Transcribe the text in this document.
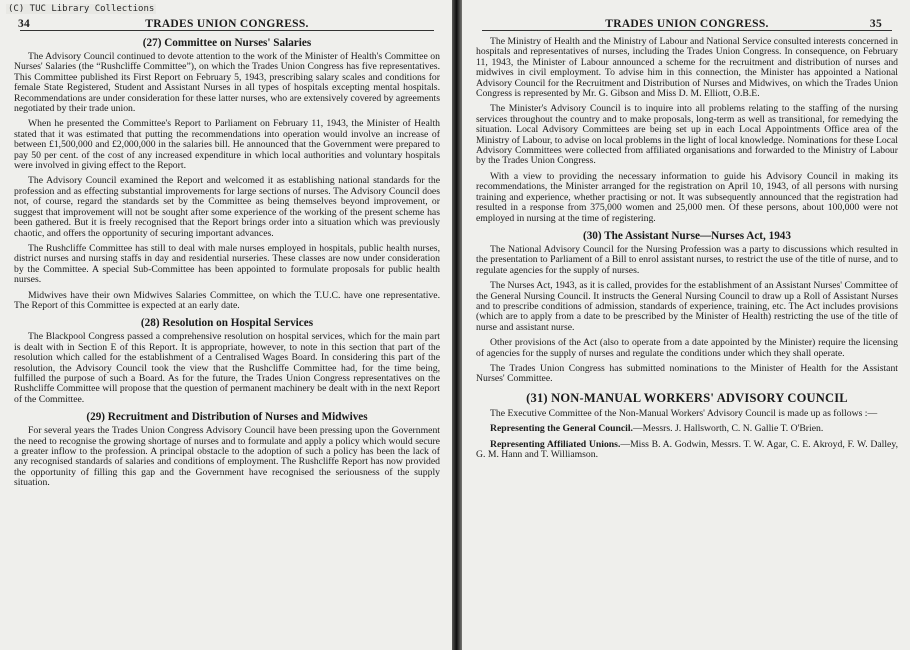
(C) TUC Library Collections
34	TRADES UNION CONGRESS.
(27) Committee on Nurses' Salaries

The Advisory Council continued to devote attention to the work of the Minister of Health's Committee on Nurses' Salaries (the “Rushcliffe Committee”), on which the Trades Union Congress has five representatives. This Committee published its First Report on February 5, 1943, prescribing salary scales and conditions for female State Registered, Student and Assistant Nurses in all types of hospitals excepting mental hospitals. Recommendations are under consideration for these latter nurses, who are extensively covered by agreements negotiated by their trade union.

When he presented the Committee's Report to Parliament on February 11, 1943, the Minister of Health stated that it was estimated that putting the recommendations into operation would involve an increase of between £1,500,000 and £2,000,000 in the salaries bill. He announced that the Government were prepared to pay 50 per cent. of the cost of any increased expenditure in which local authorities and voluntary hospitals were involved in giving effect to the Report.

The Advisory Council examined the Report and welcomed it as establishing national standards for the profession and as effecting substantial improvements for large sections of nurses. The Advisory Council does not, of course, regard the standards set by the Committee as being themselves beyond improvement, or suggest that improvement will not be sought after some experience of the working of the present scheme has been gathered. But it is freely recognised that the Report brings order into a situation which was previously chaotic, and offers the opportunity of securing important advances.

The Rushcliffe Committee has still to deal with male nurses employed in hospitals, public health nurses, district nurses and nursing staffs in day and residential nurseries. These classes are now under consideration by the Committee. A special Sub-Committee has been appointed to formulate proposals for public health nurses.

Midwives have their own Midwives Salaries Committee, on which the T.U.C. have one representative. The Report of this Committee is expected at an early date.

(28) Resolution on Hospital Services

The Blackpool Congress passed a comprehensive resolution on hospital services, which for the main part is dealt with in Section E of this Report. It is appropriate, however, to note in this section that part of the resolution which called for the establishment of a Centralised Wages Board. In considering this part of the resolution, the Advisory Council took the view that the Rushcliffe Committee had, for the time being, fulfilled the purpose of such a Board. As for the future, the Trades Union Congress representatives on the Rushcliffe Committee will propose that the question of permanent machinery be dealt with in the next Report of the Committee.

(29) Recruitment and Distribution of Nurses and Midwives

For several years the Trades Union Congress Advisory Council have been pressing upon the Government the need to recognise the growing shortage of nurses and to formulate and apply a policy which would secure a greater inflow to the profession. A principal obstacle to the adoption of such a policy has been the lack of any recognised standards of salaries and conditions of employment. The Rushcliffe Report has now provided the opportunity of filling this gap and the Government have recognised the seriousness of the supply situation.

TRADES UNION CONGRESS.	35

The Ministry of Health and the Ministry of Labour and National Service consulted interests concerned in hospitals and representatives of nurses, including the Trades Union Congress. In consequence, on February 11, 1943, the Minister of Labour announced a scheme for the recruitment and distribution of nurses and midwives in civil employment. To advise him in this connection, the Minister has appointed a National Advisory Council for the Recruitment and Distribution of Nurses and Midwives, on which the Trades Union Congress is represented by Mr. G. Gibson and Miss D. M. Elliott, O.B.E.

The Minister's Advisory Council is to inquire into all problems relating to the staffing of the nursing services throughout the country and to make proposals, long-term as well as transitional, for remedying the situation. Local Advisory Committees are being set up in each Local Appointments Office area of the Ministry of Labour, to advise on local problems in the light of local knowledge. Nominations for these Local Advisory Committees were collected from affiliated organisations and forwarded to the Ministry of Labour by the Trades Union Congress.

With a view to providing the necessary information to guide his Advisory Council in making its recommendations, the Minister arranged for the registration on April 10, 1943, of all persons with nursing training and experience, whether practising or not. It was subsequently announced that the registration had resulted in a response from 375,000 women and 25,000 men. Of these persons, about 100,000 were not employed in nursing at the time of registering.

(30) The Assistant Nurse—Nurses Act, 1943

The National Advisory Council for the Nursing Profession was a party to discussions which resulted in the presentation to Parliament of a Bill to enrol assistant nurses, to restrict the use of the title of nurse, and to regulate agencies for the supply of nurses.

The Nurses Act, 1943, as it is called, provides for the establishment of an Assistant Nurses' Committee of the General Nursing Council. It instructs the General Nursing Council to draw up a Roll of Assistant Nurses and to prescribe conditions of admission, standards of experience, training, etc. The Act includes provisions (which are to apply from a date to be prescribed by the Minister of Health) restricting the use of the title of nurse and assistant nurse.

Other provisions of the Act (also to operate from a date appointed by the Minister) require the licensing of agencies for the supply of nurses and regulate the conditions under which they shall operate.

The Trades Union Congress has submitted nominations to the Minister of Health for the Assistant Nurses' Committee.

(31) NON-MANUAL WORKERS' ADVISORY COUNCIL

The Executive Committee of the Non-Manual Workers' Advisory Council is made up as follows :—

Representing the General Council.—Messrs. J. Hallsworth, C. N. Gallie T. O'Brien.

Representing Affiliated Unions.—Miss B. A. Godwin, Messrs. T. W. Agar, C. E. Akroyd, F. W. Dalley, G. M. Hann and T. Williamson.
